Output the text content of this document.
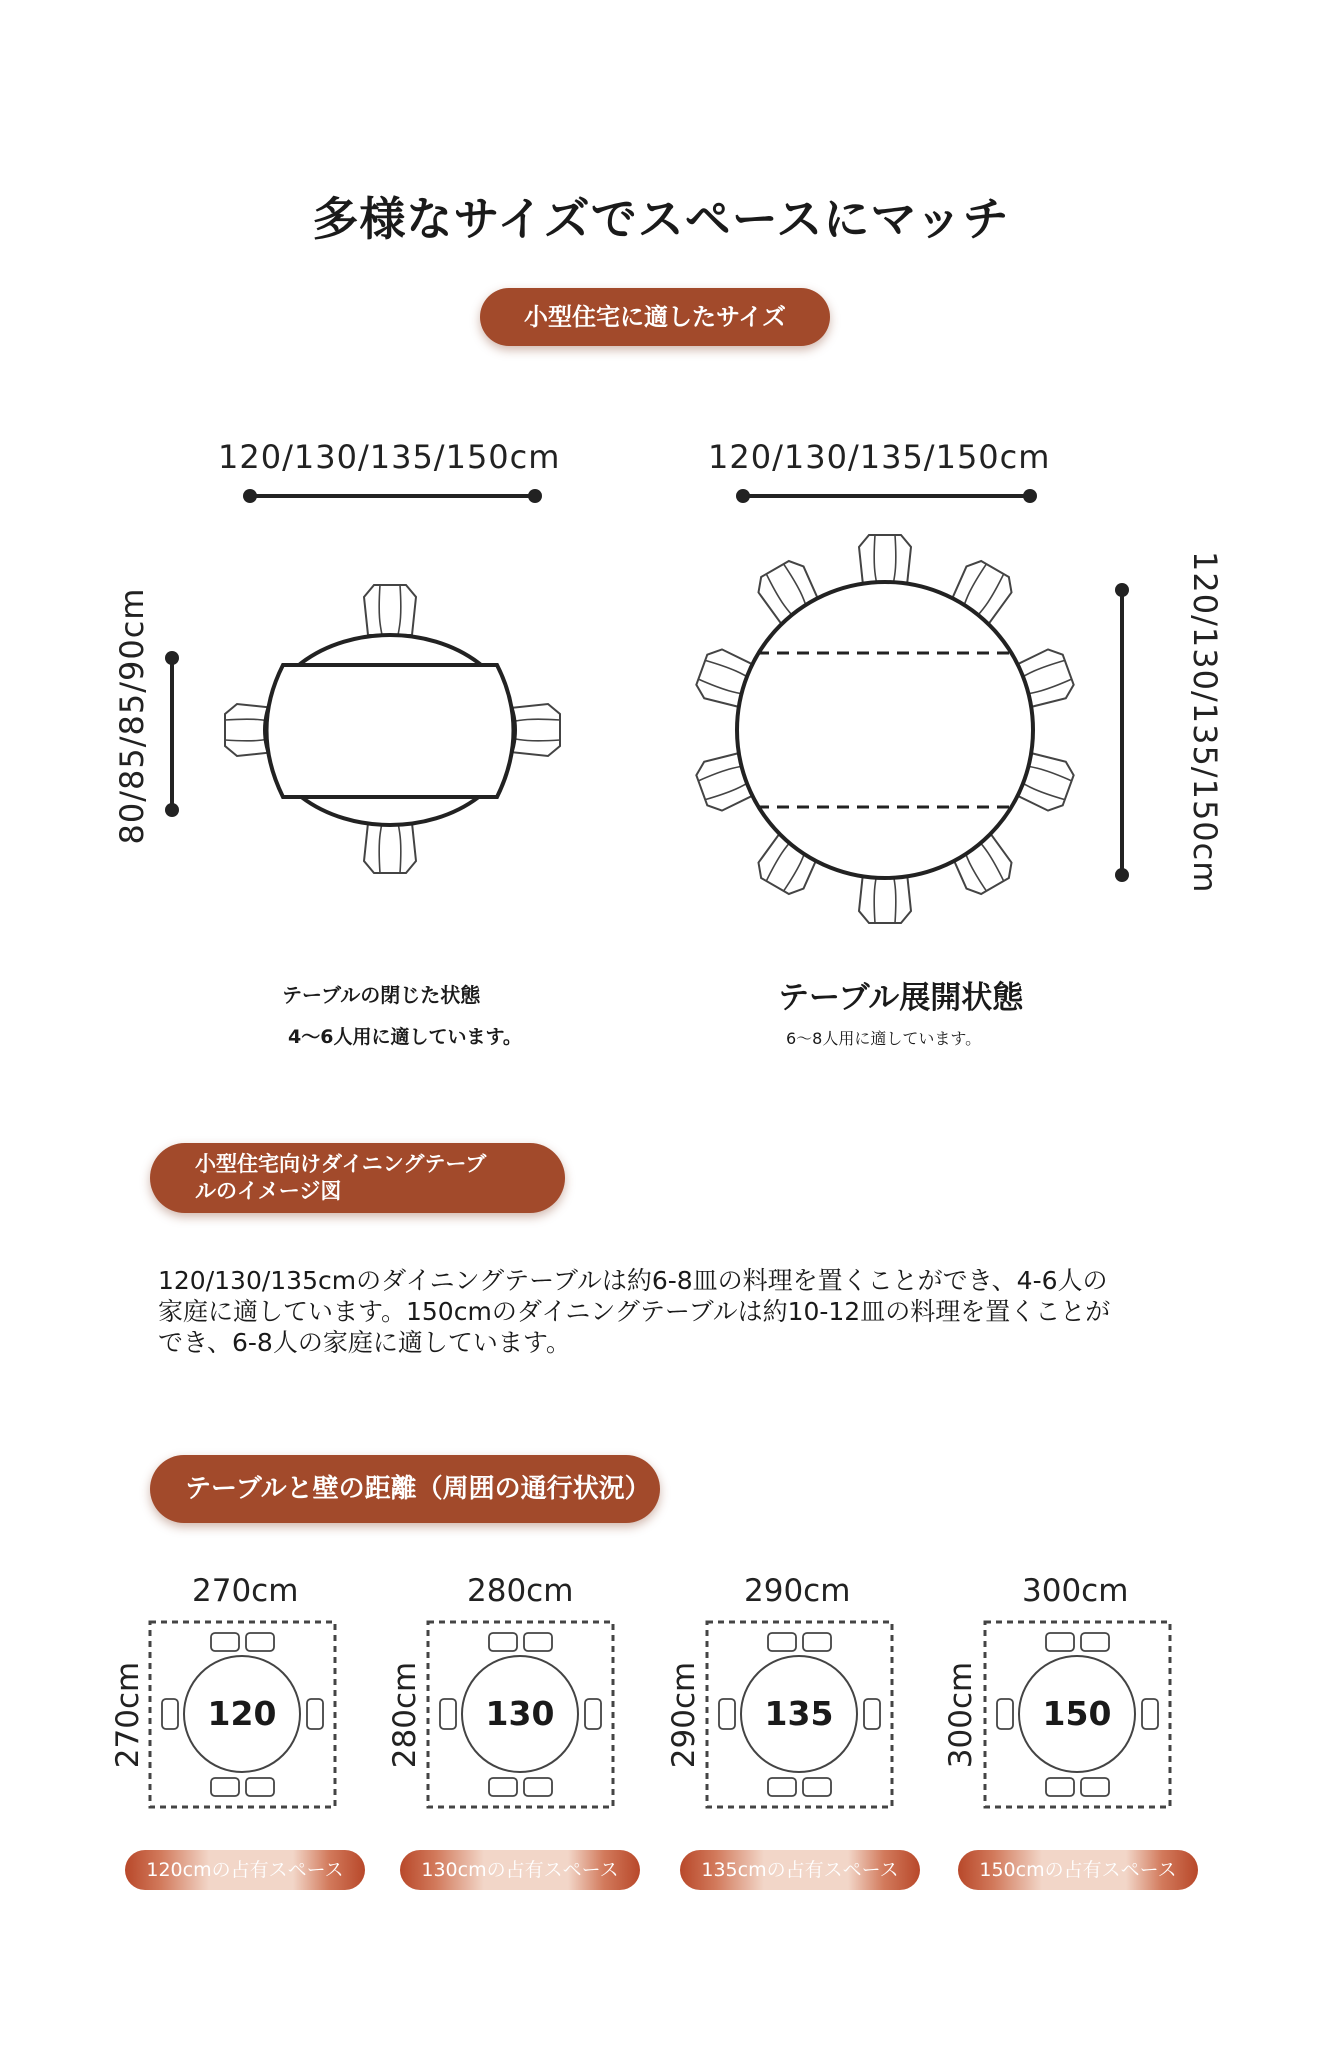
多様なサイズでスペースにマッチ
小型住宅に適したサイズ
120/130/135/150cm	120/130/135/150cm
80/85/85/90cm	120/130/135/150cm
テーブルの閉じた状態
4〜6人用に適しています。
テーブル展開状態
6〜8人用に適しています。
小型住宅向けダイニングテーブ
ルのイメージ図
120/130/135cmのダイニングテーブルは約6-8皿の料理を置くことができ、4-6人の家庭に適しています。150cmのダイニングテーブルは約10-12皿の料理を置くことができ、6-8人の家庭に適しています。
テーブルと壁の距離（周囲の通行状況）
270cm	280cm	290cm	300cm
270cm	280cm	290cm	300cm
120	130	135	150
120cmの占有スペース	130cmの占有スペース	135cmの占有スペース	150cmの占有スペース
